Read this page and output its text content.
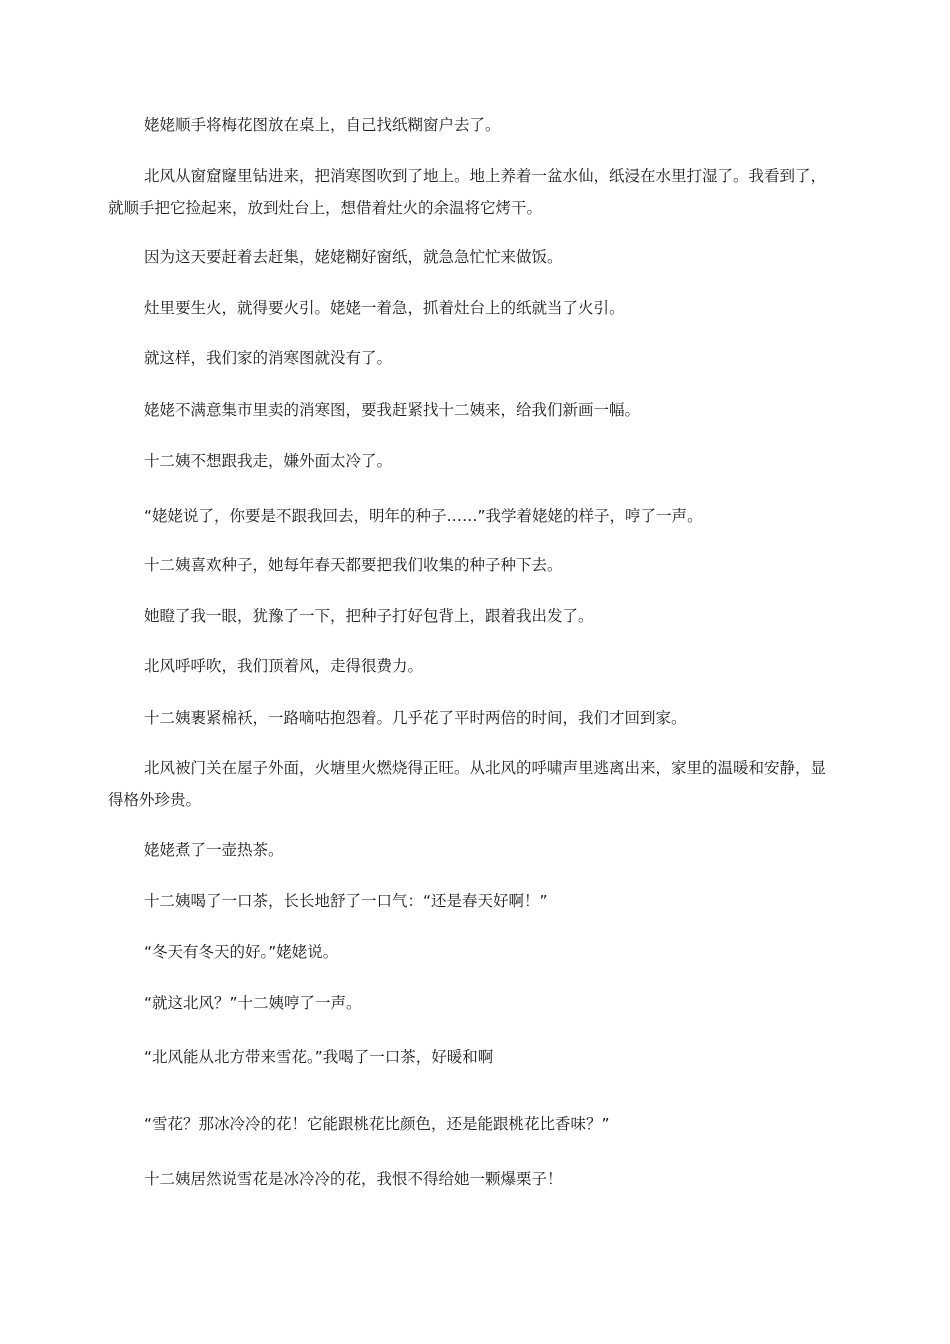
姥姥顺手将梅花图放在桌上，自己找纸糊窗户去了。

北风从窗窟窿里钻进来，把消寒图吹到了地上。地上养着一盆水仙，纸浸在水里打湿了。我看到了，就顺手把它捡起来，放到灶台上，想借着灶火的余温将它烤干。

因为这天要赶着去赶集，姥姥糊好窗纸，就急急忙忙来做饭。

灶里要生火，就得要火引。姥姥一着急，抓着灶台上的纸就当了火引。

就这样，我们家的消寒图就没有了。

姥姥不满意集市里卖的消寒图，要我赶紧找十二姨来，给我们新画一幅。

十二姨不想跟我走，嫌外面太冷了。

“姥姥说了，你要是不跟我回去，明年的种子……”我学着姥姥的样子，哼了一声。

十二姨喜欢种子，她每年春天都要把我们收集的种子种下去。

她瞪了我一眼，犹豫了一下，把种子打好包背上，跟着我出发了。

北风呼呼吹，我们顶着风，走得很费力。

十二姨裹紧棉袄，一路嘀咕抱怨着。几乎花了平时两倍的时间，我们才回到家。

北风被门关在屋子外面，火塘里火燃烧得正旺。从北风的呼啸声里逃离出来，家里的温暖和安静，显得格外珍贵。

姥姥煮了一壶热茶。

十二姨喝了一口茶，长长地舒了一口气：“还是春天好啊！”

“冬天有冬天的好。”姥姥说。

“就这北风？”十二姨哼了一声。

“北风能从北方带来雪花。”我喝了一口茶，好暖和啊

“雪花？那冰冷冷的花！它能跟桃花比颜色，还是能跟桃花比香味？”

十二姨居然说雪花是冰冷冷的花，我恨不得给她一颗爆栗子！
